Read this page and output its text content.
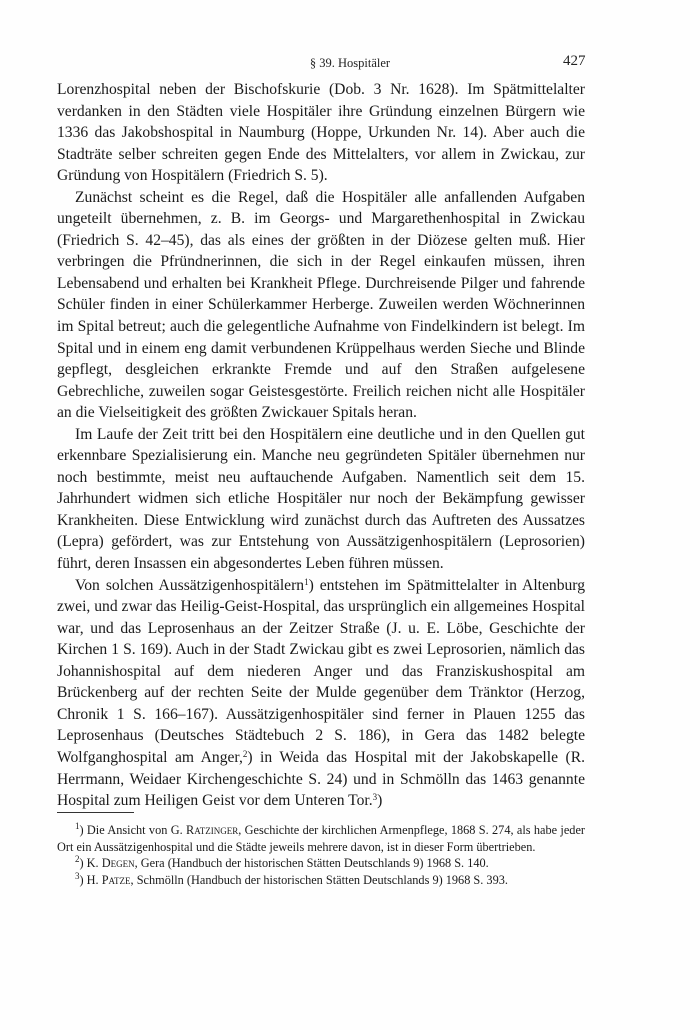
§ 39. Hospitäler	427

Lorenzhospital neben der Bischofskurie (Dob. 3 Nr. 1628). Im Spätmittelalter verdanken in den Städten viele Hospitäler ihre Gründung einzelnen Bürgern wie 1336 das Jakobshospital in Naumburg (Hoppe, Urkunden Nr. 14). Aber auch die Stadträte selber schreiten gegen Ende des Mittelalters, vor allem in Zwickau, zur Gründung von Hospitälern (Friedrich S. 5).

Zunächst scheint es die Regel, daß die Hospitäler alle anfallenden Aufgaben ungeteilt übernehmen, z. B. im Georgs- und Margarethenhospital in Zwickau (Friedrich S. 42–45), das als eines der größten in der Diözese gelten muß. Hier verbringen die Pfründnerinnen, die sich in der Regel einkaufen müssen, ihren Lebensabend und erhalten bei Krankheit Pflege. Durchreisende Pilger und fahrende Schüler finden in einer Schülerkammer Herberge. Zuweilen werden Wöchnerinnen im Spital betreut; auch die gelegentliche Aufnahme von Findelkindern ist belegt. Im Spital und in einem eng damit verbundenen Krüppelhaus werden Sieche und Blinde gepflegt, desgleichen erkrankte Fremde und auf den Straßen aufgelesene Gebrechliche, zuweilen sogar Geistesgestörte. Freilich reichen nicht alle Hospitäler an die Vielseitigkeit des größten Zwickauer Spitals heran.

Im Laufe der Zeit tritt bei den Hospitälern eine deutliche und in den Quellen gut erkennbare Spezialisierung ein. Manche neu gegründeten Spitäler übernehmen nur noch bestimmte, meist neu auftauchende Aufgaben. Namentlich seit dem 15. Jahrhundert widmen sich etliche Hospitäler nur noch der Bekämpfung gewisser Krankheiten. Diese Entwicklung wird zunächst durch das Auftreten des Aussatzes (Lepra) gefördert, was zur Entstehung von Aussätzigenhospitälern (Leprosorien) führt, deren Insassen ein abgesondertes Leben führen müssen.

Von solchen Aussätzigenhospitälern$^1$) entstehen im Spätmittelalter in Altenburg zwei, und zwar das Heilig-Geist-Hospital, das ursprünglich ein allgemeines Hospital war, und das Leprosenhaus an der Zeitzer Straße (J. u. E. Löbe, Geschichte der Kirchen 1 S. 169). Auch in der Stadt Zwickau gibt es zwei Leprosorien, nämlich das Johannishospital auf dem niederen Anger und das Franziskushospital am Brückenberg auf der rechten Seite der Mulde gegenüber dem Tränktor (Herzog, Chronik 1 S. 166–167). Aussätzigenhospitäler sind ferner in Plauen 1255 das Leprosenhaus (Deutsches Städtebuch 2 S. 186), in Gera das 1482 belegte Wolfganghospital am Anger,$^2$) in Weida das Hospital mit der Jakobskapelle (R. Herrmann, Weidaer Kirchengeschichte S. 24) und in Schmölln das 1463 genannte Hospital zum Heiligen Geist vor dem Unteren Tor.$^3$)

$^1$) Die Ansicht von G. Ratzinger, Geschichte der kirchlichen Armenpflege, 1868 S. 274, als habe jeder Ort ein Aussätzigenhospital und die Städte jeweils mehrere davon, ist in dieser Form übertrieben.

$^2$) K. Degen, Gera (Handbuch der historischen Stätten Deutschlands 9) 1968 S. 140.

$^3$) H. Patze, Schmölln (Handbuch der historischen Stätten Deutschlands 9) 1968 S. 393.
